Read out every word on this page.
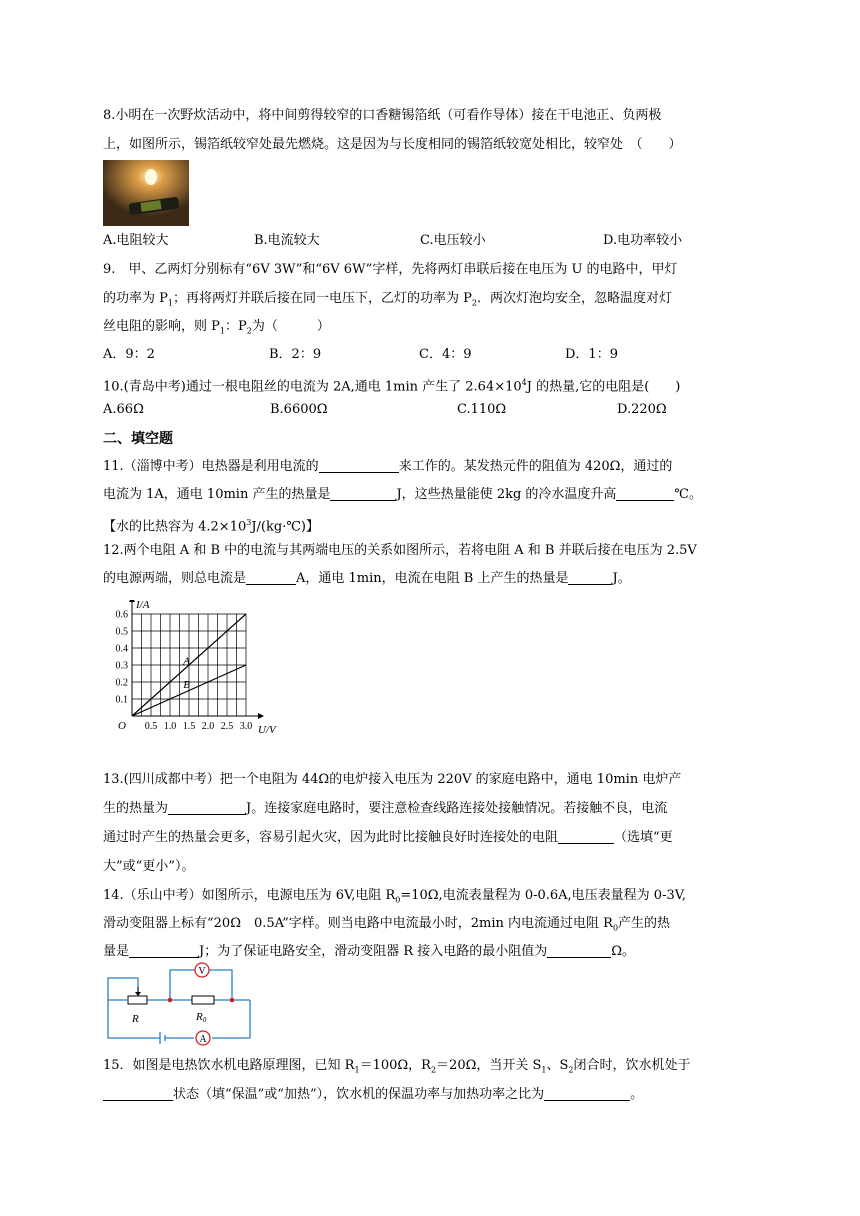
8.小明在一次野炊活动中，将中间剪得较窄的口香糖锡箔纸（可看作导体）接在干电池正、负两极
上，如图所示，锡箔纸较窄处最先燃烧。这是因为与长度相同的锡箔纸较宽处相比，较窄处　（　　）
A.电阻较大	B.电流较大	C.电压较小	D.电功率较小
9.　甲、乙两灯分别标有“6V 3W”和“6V 6W”字样，先将两灯串联后接在电压为 U 的电路中，甲灯
的功率为 $P_1$；再将两灯并联后接在同一电压下，乙灯的功率为 $P_2$．两次灯泡均安全，忽略温度对灯
丝电阻的影响，则 $P_1$：$P_2$为（　　　）
A．9：2	B．2：9	C．4：9	D．1：9
10.(青岛中考)通过一根电阻丝的电流为 2A,通电 1min 产生了 $2.64\times 10^4J$ 的热量,它的电阻是(　　)
A.66Ω	B.6600Ω	C.110Ω	D.220Ω
二、填空题
11.（淄博中考）电热器是利用电流的	来工作的。某发热元件的阻值为 420Ω，通过的
电流为 1A，通电 10min 产生的热量是	J，这些热量能使 2kg 的冷水温度升高	℃。
【水的比热容为 $4.2\times 10^3J/(kg\cdot℃)$】
12.两个电阻 A 和 B 中的电流与其两端电压的关系如图所示，若将电阻 A 和 B 并联后接在电压为 2.5V
的电源两端，则总电流是	A，通电 1min，电流在电阻 B 上产生的热量是	J。
0.5 1.0 1.5 2.0 2.5 3.0
0.1
0.2
0.3
0.4
0.5
0.6
O	U/V
I/A
A
B
13.(四川成都中考）把一个电阻为 44Ω的电炉接入电压为 220V 的家庭电路中，通电 10min 电炉产
生的热量为	J。连接家庭电路时，要注意检查线路连接处接触情况。若接触不良，电流
通过时产生的热量会更多，容易引起火灾，因为此时比接触良好时连接处的电阻	（选填“更
大”或“更小”）。
14.（乐山中考）如图所示，电源电压为 6V,电阻 $R_0=10\Omega$,电流表量程为 0-0.6A,电压表量程为 0-3V,
滑动变阻器上标有“20Ω　0.5A”字样。则当电路中电流最小时，2min 内电流通过电阻 $R_0$产生的热
量是	J；为了保证电路安全，滑动变阻器 R 接入电路的最小阻值为	Ω。
V
A
R	R0
15．如图是电热饮水机电路原理图，已知 $R_1=100\Omega$，$R_2=20\Omega$，当开关 $S_1$、$S_2$闭合时，饮水机处于
状态（填“保温”或“加热”），饮水机的保温功率与加热功率之比为	。
